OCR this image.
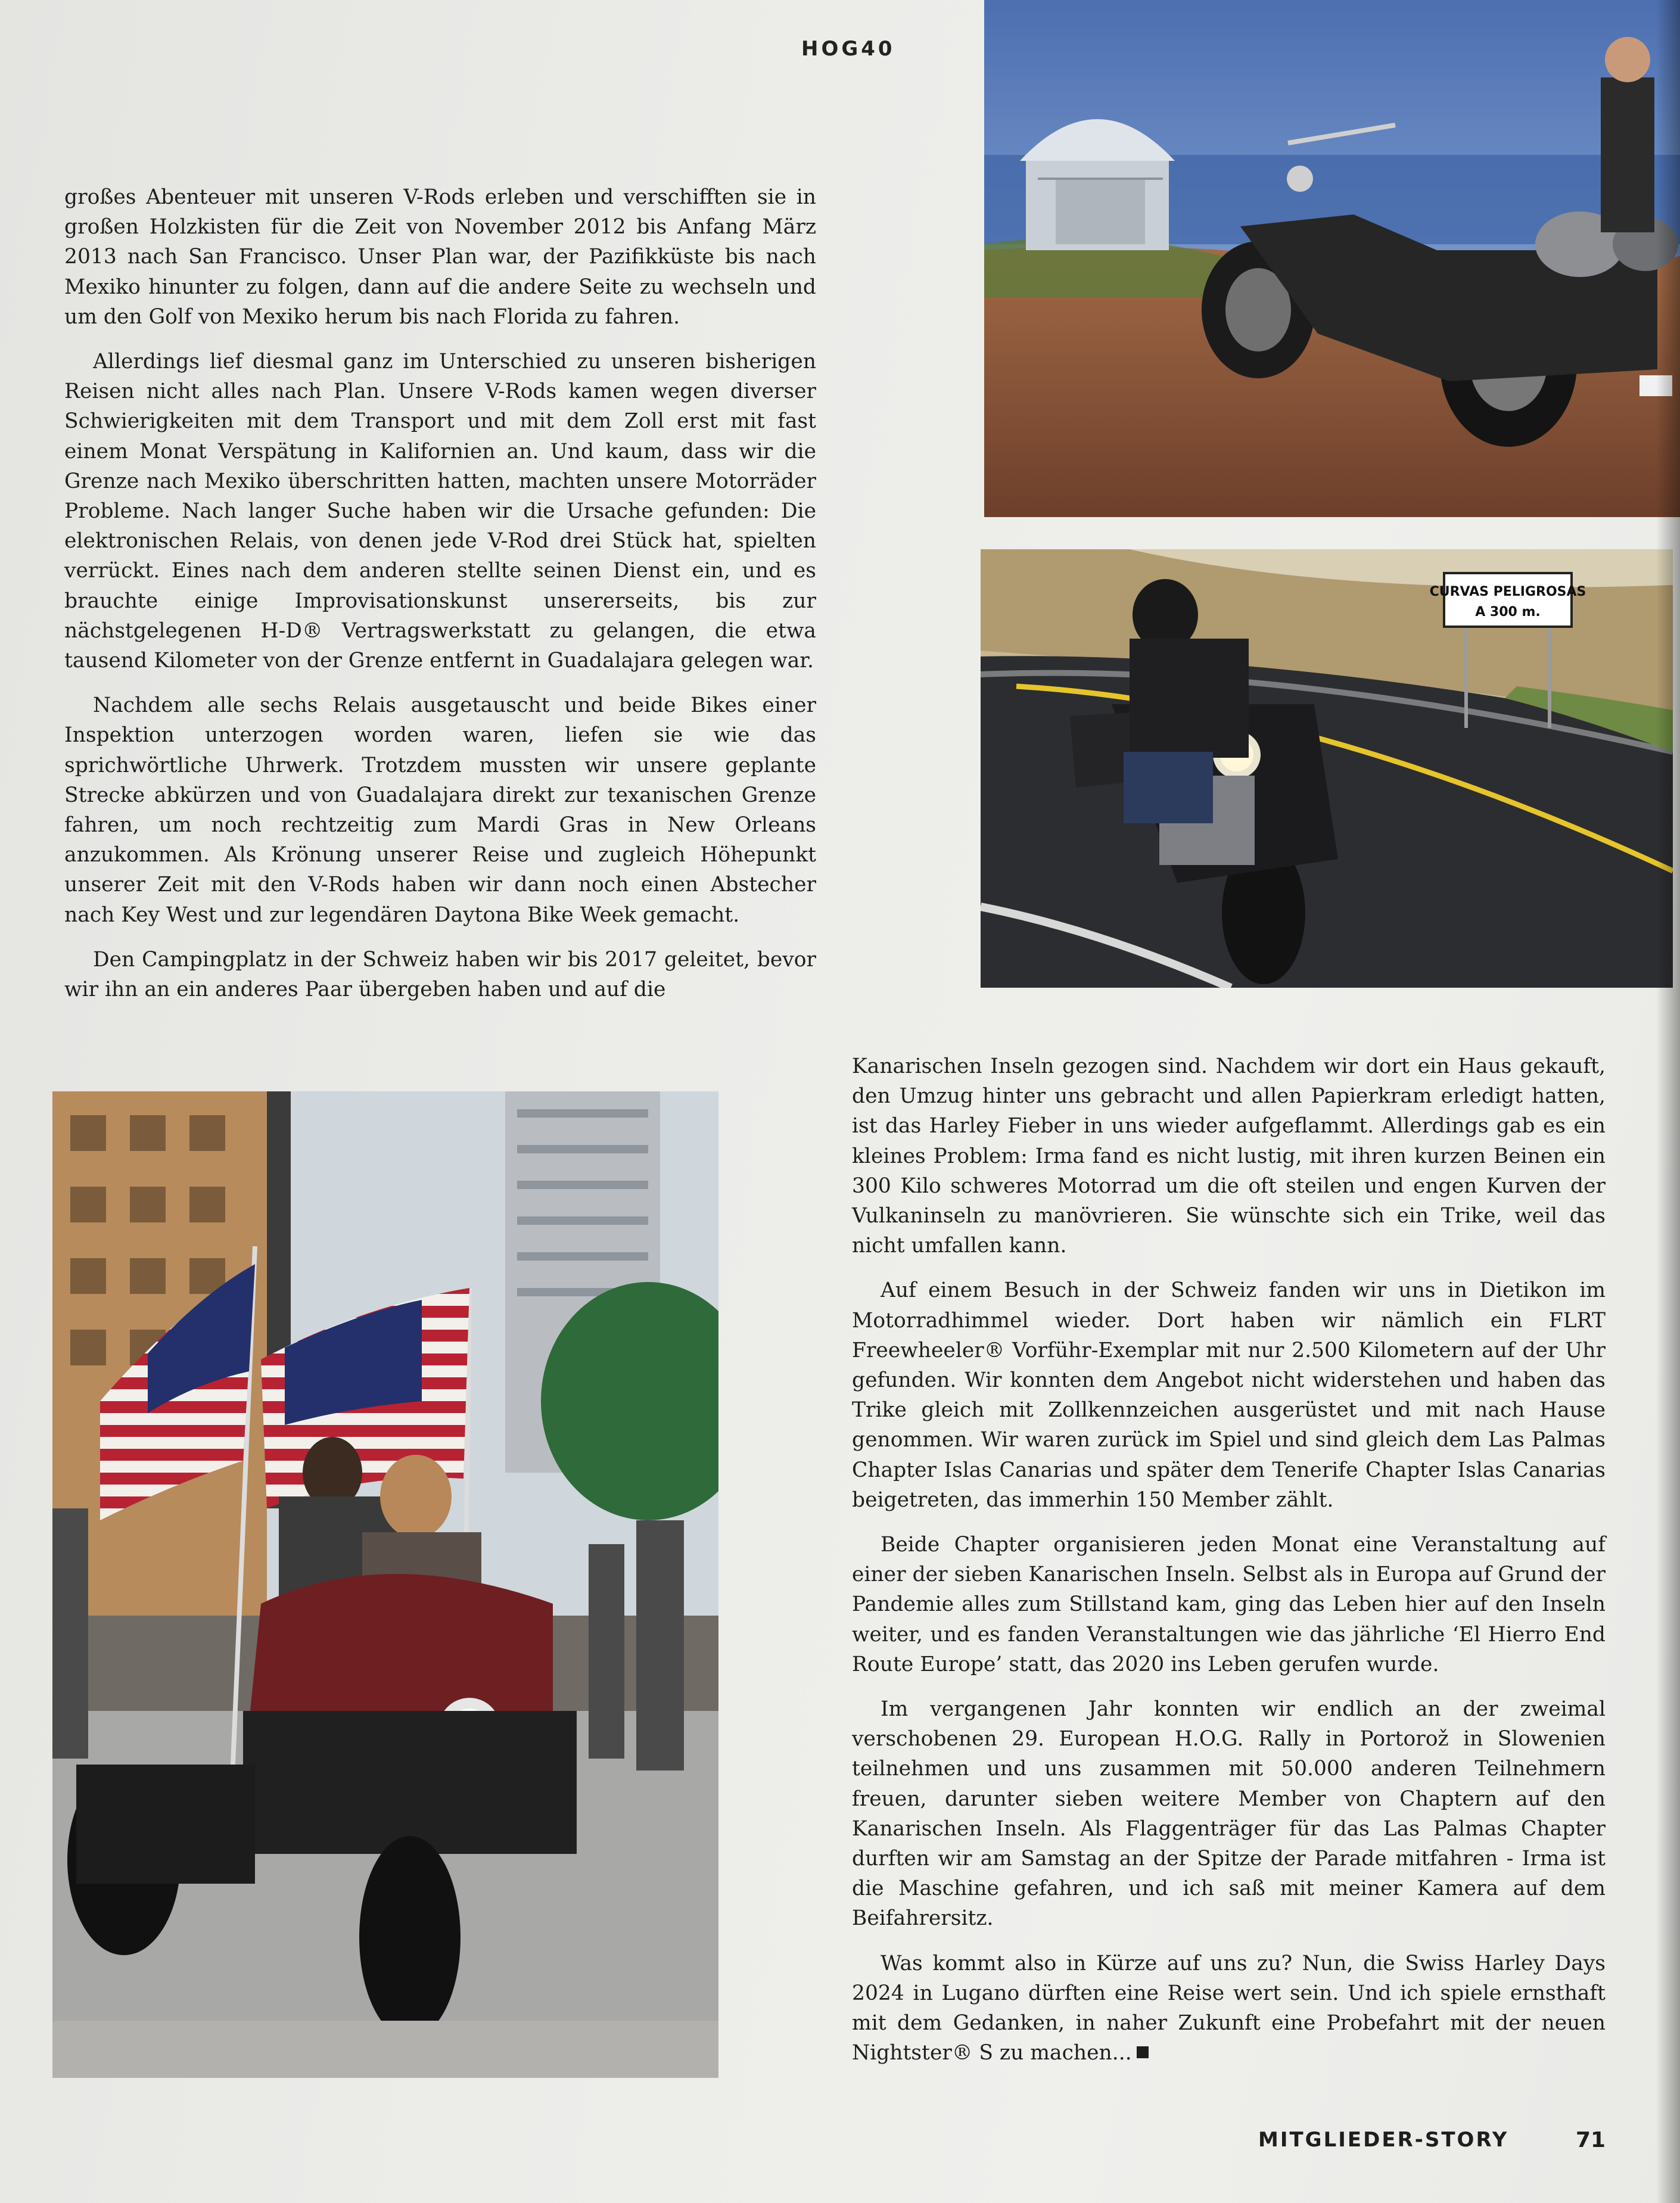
HOG40

großes Abenteuer mit unseren V-Rods erleben und verschifften sie in großen Holzkisten für die Zeit von November 2012 bis Anfang März 2013 nach San Francisco. Unser Plan war, der Pazifikküste bis nach Mexiko hinunter zu folgen, dann auf die andere Seite zu wechseln und um den Golf von Mexiko herum bis nach Florida zu fahren.

Allerdings lief diesmal ganz im Unterschied zu unseren bisherigen Reisen nicht alles nach Plan. Unsere V-Rods kamen wegen diverser Schwierigkeiten mit dem Transport und mit dem Zoll erst mit fast einem Monat Verspätung in Kalifornien an. Und kaum, dass wir die Grenze nach Mexiko überschritten hatten, machten unsere Motorräder Probleme. Nach langer Suche haben wir die Ursache gefunden: Die elektronischen Relais, von denen jede V-Rod drei Stück hat, spielten verrückt. Eines nach dem anderen stellte seinen Dienst ein, und es brauchte einige Improvisationskunst unsererseits, bis zur nächstgelegenen H-D® Vertragswerkstatt zu gelangen, die etwa tausend Kilometer von der Grenze entfernt in Guadalajara gelegen war.

Nachdem alle sechs Relais ausgetauscht und beide Bikes einer Inspektion unterzogen worden waren, liefen sie wie das sprichwörtliche Uhrwerk. Trotzdem mussten wir unsere geplante Strecke abkürzen und von Guadalajara direkt zur texanischen Grenze fahren, um noch rechtzeitig zum Mardi Gras in New Orleans anzukommen. Als Krönung unserer Reise und zugleich Höhepunkt unserer Zeit mit den V-Rods haben wir dann noch einen Abstecher nach Key West und zur legendären Daytona Bike Week gemacht.

Den Campingplatz in der Schweiz haben wir bis 2017 geleitet, bevor wir ihn an ein anderes Paar übergeben haben und auf die

CURVAS PELIGROSAS
A 300 m.

Kanarischen Inseln gezogen sind. Nachdem wir dort ein Haus gekauft, den Umzug hinter uns gebracht und allen Papierkram erledigt hatten, ist das Harley Fieber in uns wieder aufgeflammt. Allerdings gab es ein kleines Problem: Irma fand es nicht lustig, mit ihren kurzen Beinen ein 300 Kilo schweres Motorrad um die oft steilen und engen Kurven der Vulkaninseln zu manövrieren. Sie wünschte sich ein Trike, weil das nicht umfallen kann.

Auf einem Besuch in der Schweiz fanden wir uns in Dietikon im Motorradhimmel wieder. Dort haben wir nämlich ein FLRT Freewheeler® Vorführ-Exemplar mit nur 2.500 Kilometern auf der Uhr gefunden. Wir konnten dem Angebot nicht widerstehen und haben das Trike gleich mit Zollkennzeichen ausgerüstet und mit nach Hause genommen. Wir waren zurück im Spiel und sind gleich dem Las Palmas Chapter Islas Canarias und später dem Tenerife Chapter Islas Canarias beigetreten, das immerhin 150 Member zählt.

Beide Chapter organisieren jeden Monat eine Veranstaltung auf einer der sieben Kanarischen Inseln. Selbst als in Europa auf Grund der Pandemie alles zum Stillstand kam, ging das Leben hier auf den Inseln weiter, und es fanden Veranstaltungen wie das jährliche ‘El Hierro End Route Europe’ statt, das 2020 ins Leben gerufen wurde.

Im vergangenen Jahr konnten wir endlich an der zweimal verschobenen 29. European H.O.G. Rally in Portorož in Slowenien teilnehmen und uns zusammen mit 50.000 anderen Teilnehmern freuen, darunter sieben weitere Member von Chaptern auf den Kanarischen Inseln. Als Flaggenträger für das Las Palmas Chapter durften wir am Samstag an der Spitze der Parade mitfahren - Irma ist die Maschine gefahren, und ich saß mit meiner Kamera auf dem Beifahrersitz.

Was kommt also in Kürze auf uns zu? Nun, die Swiss Harley Days 2024 in Lugano dürften eine Reise wert sein. Und ich spiele ernsthaft mit dem Gedanken, in naher Zukunft eine Probefahrt mit der neuen Nightster® S zu machen...

MITGLIEDER-STORY	71
